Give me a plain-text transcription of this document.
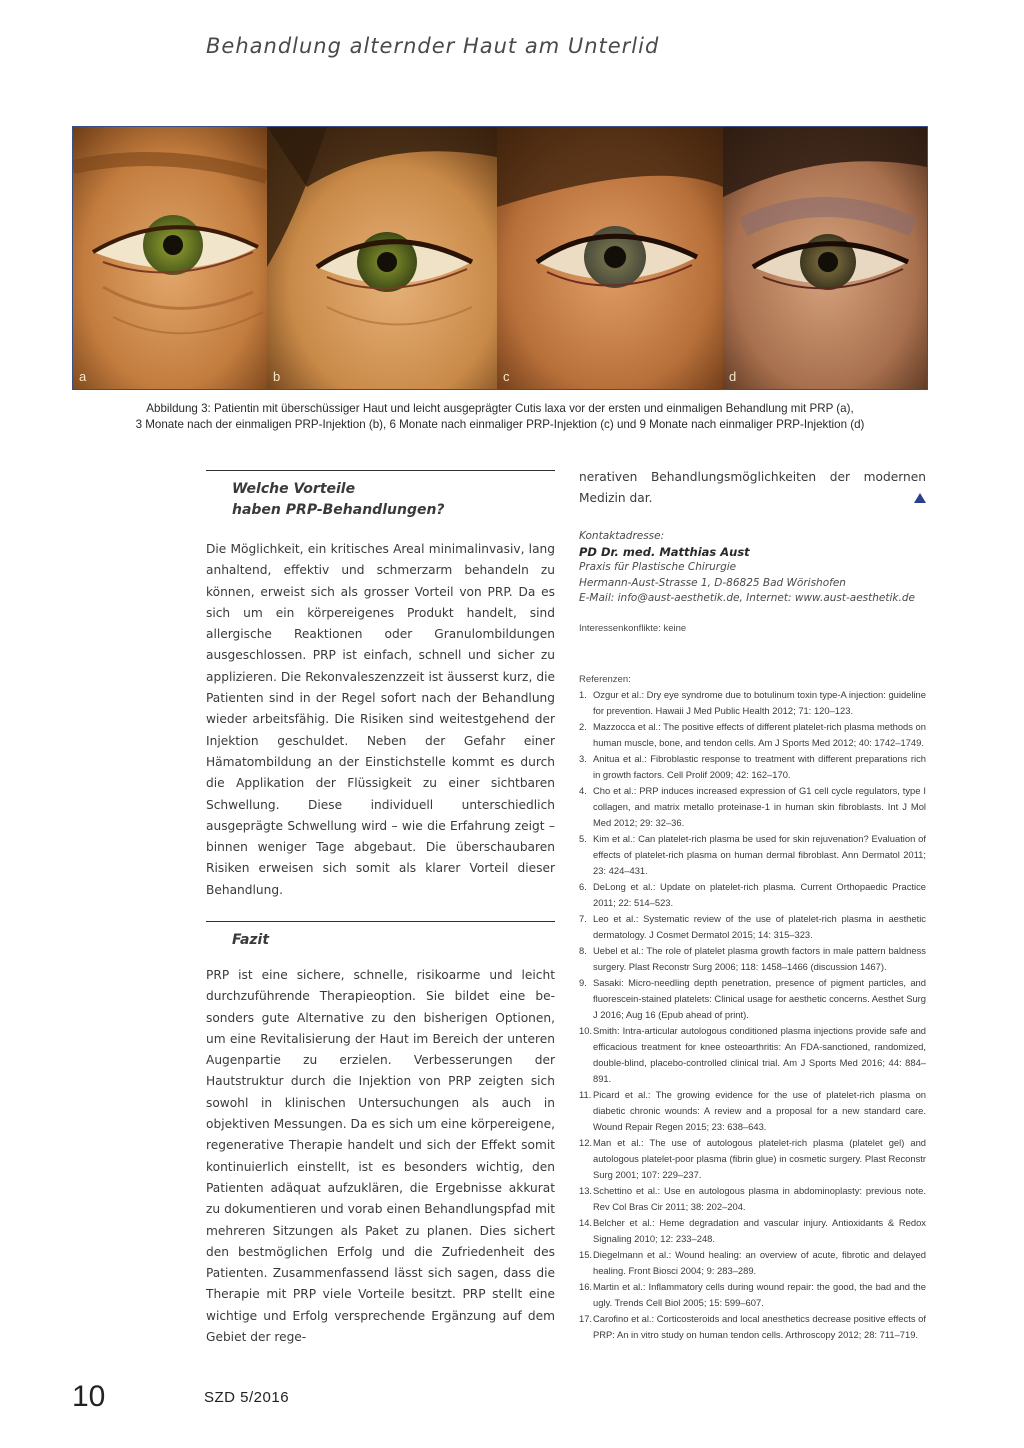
Behandlung alternder Haut am Unterlid
a	b	c	d
Abbildung 3: Patientin mit überschüssiger Haut und leicht ausgeprägter Cutis laxa vor der ersten und einmaligen Behandlung mit PRP (a),
3 Monate nach der einmaligen PRP-Injektion (b), 6 Monate nach einmaliger PRP-Injektion (c) und 9 Monate nach einmaliger PRP-Injektion (d)
Welche Vorteile
haben PRP-Behandlungen?

Die Möglichkeit, ein kritisches Areal minimalinvasiv, lang anhaltend, effektiv und schmerzarm behandeln zu können, erweist sich als grosser Vorteil von PRP. Da es sich um ein körpereigenes Produkt handelt, sind allergische Reaktionen oder Granulombildungen ausgeschlossen. PRP ist einfach, schnell und sicher zu applizieren. Die Rekonvaleszenzzeit ist äusserst kurz, die Patienten sind in der Regel sofort nach der Behandlung wieder arbeitsfähig. Die Risiken sind weitestgehend der Injektion geschuldet. Neben der Gefahr einer Hämatombildung an der Einstichstelle kommt es durch die Applikation der Flüssigkeit zu einer sichtbaren Schwellung. Diese individuell unterschiedlich ausgeprägte Schwellung wird – wie die Erfahrung zeigt – binnen weniger Tage abgebaut. Die überschaubaren Risiken erweisen sich somit als klarer Vorteil dieser Behandlung.

Fazit

PRP ist eine sichere, schnelle, risikoarme und leicht durchzuführende Therapieoption. Sie bildet eine besonders gute Alternative zu den bisherigen Optionen, um eine Revitalisierung der Haut im Bereich der unteren Augenpartie zu erzielen. Verbesserungen der Hautstruktur durch die Injektion von PRP zeigten sich sowohl in klinischen Untersuchungen als auch in objektiven Messungen. Da es sich um eine körpereigene, regenerative Therapie handelt und sich der Effekt somit kontinuierlich einstellt, ist es besonders wichtig, den Patienten adäquat aufzuklären, die Ergebnisse akkurat zu dokumentieren und vorab einen Behandlungspfad mit mehreren Sitzungen als Paket zu planen. Dies sichert den bestmöglichen Erfolg und die Zufriedenheit des Patienten. Zusammenfassend lässt sich sagen, dass die Therapie mit PRP viele Vorteile besitzt. PRP stellt eine wichtige und Erfolg versprechende Ergänzung auf dem Gebiet der rege-

nerativen Behandlungsmöglichkeiten der modernen Medizin dar.

Kontaktadresse:
PD Dr. med. Matthias Aust
Praxis für Plastische Chirurgie
Hermann-Aust-Strasse 1, D-86825 Bad Wörishofen
E-Mail: info@aust-aesthetik.de, Internet: www.aust-aesthetik.de
Interessenkonflikte: keine
Referenzen:
1. Ozgur et al.: Dry eye syndrome due to botulinum toxin type-A injection: guideline for prevention. Hawaii J Med Public Health 2012; 71: 120–123.
2. Mazzocca et al.: The positive effects of different platelet-rich plasma methods on human muscle, bone, and tendon cells. Am J Sports Med 2012; 40: 1742–1749.
3. Anitua et al.: Fibroblastic response to treatment with different preparations rich in growth factors. Cell Prolif 2009; 42: 162–170.
4. Cho et al.: PRP induces increased expression of G1 cell cycle regulators, type I collagen, and matrix metallo proteinase-1 in human skin fibroblasts. Int J Mol Med 2012; 29: 32–36.
5. Kim et al.: Can platelet-rich plasma be used for skin rejuvenation? Evaluation of effects of platelet-rich plasma on human dermal fibroblast. Ann Dermatol 2011; 23: 424–431.
6. DeLong et al.: Update on platelet-rich plasma. Current Orthopaedic Practice 2011; 22: 514–523.
7. Leo et al.: Systematic review of the use of platelet-rich plasma in aesthetic dermatology. J Cosmet Dermatol 2015; 14: 315–323.
8. Uebel et al.: The role of platelet plasma growth factors in male pattern baldness surgery. Plast Reconstr Surg 2006; 118: 1458–1466 (discussion 1467).
9. Sasaki: Micro-needling depth penetration, presence of pigment particles, and fluorescein-stained platelets: Clinical usage for aesthetic concerns. Aesthet Surg J 2016; Aug 16 (Epub ahead of print).
10. Smith: Intra-articular autologous conditioned plasma injections provide safe and efficacious treatment for knee osteoarthritis: An FDA-sanctioned, randomized, double-blind, placebo-controlled clinical trial. Am J Sports Med 2016; 44: 884–891.
11. Picard et al.: The growing evidence for the use of platelet-rich plasma on diabetic chronic wounds: A review and a proposal for a new standard care. Wound Repair Regen 2015; 23: 638–643.
12. Man et al.: The use of autologous platelet-rich plasma (platelet gel) and autologous platelet-poor plasma (fibrin glue) in cosmetic surgery. Plast Reconstr Surg 2001; 107: 229–237.
13. Schettino et al.: Use en autologous plasma in abdominoplasty: previous note. Rev Col Bras Cir 2011; 38: 202–204.
14. Belcher et al.: Heme degradation and vascular injury. Antioxidants & Redox Signaling 2010; 12: 233–248.
15. Diegelmann et al.: Wound healing: an overview of acute, fibrotic and delayed healing. Front Biosci 2004; 9: 283–289.
16. Martin et al.: Inflammatory cells during wound repair: the good, the bad and the ugly. Trends Cell Biol 2005; 15: 599–607.
17. Carofino et al.: Corticosteroids and local anesthetics decrease positive effects of PRP: An in vitro study on human tendon cells. Arthroscopy 2012; 28: 711–719.
10	SZD 5/2016
